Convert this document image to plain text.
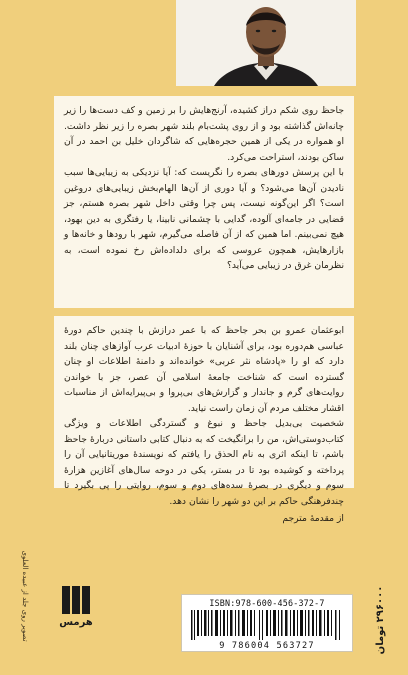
جاحظ روی شکم دراز کشیده، آرنج‌هایش را بر زمین و کف دست‌ها را زیر چانه‌اش گذاشته بود و از روی پشت‌بام بلند شهر بصره را زیر نظر داشت. او همواره در یکی از همین حجره‌هایی که شاگردان خلیل بن احمد در آن ساکن بودند، استراحت می‌کرد.

با این پرسش دورهای بصره را نگریست که: آیا نزدیکی به زیبایی‌ها سبب نادیدن آن‌ها می‌شود؟ و آیا دوری از آن‌ها الهام‌بخش زیبایی‌های دروغین است؟ اگر این‌گونه نیست، پس چرا وقتی داخل شهر بصره هستم، جز قضایی در جامه‌ای آلوده، گدایی با چشمانی نابینا، یا رفتگری به دین بهود، هیچ نمی‌بینم. اما همین که از آن فاصله می‌گیرم، شهر با رودها و خانه‌ها و بازارهایش، همچون عروسی که برای دلداده‌اش رخ نموده است، به نظرمان غرق در زیبایی می‌آید؟

ابوعثمان عمرو بن بحر جاحظ که با عمر درازش با چندین حاکم دورهٔ عباسی هم‌دوره بود، برای آشنایان با حوزهٔ ادبیات عرب آوازهای چنان بلند دارد که او را «پادشاه نثر عربی» خوانده‌اند و دامنهٔ اطلاعات او چنان گسترده است که شناخت جامعهٔ اسلامی آن عصر، جز با خواندن روایت‌های گرم و جاندار و گزارش‌های بی‌پروا و بی‌پیرایه‌اش از مناسبات اقشار مختلف مردم آن زمان راست نیاید.

شخصیت بی‌بدیل جاحظ و نبوغ و گستردگی اطلاعات و ویژگی کتاب‌دوستی‌اش، من را برانگیخت که به دنبال کتابی داستانی دربارهٔ جاحظ باشم، تا اینکه اثری به نام الحذق را یافتم که نویسندهٔ موریتانیایی آن را پرداخته و کوشیده بود تا در بستر، یکی در دوحه سال‌های آغازین هزارهٔ سوم و دیگری در بصرهٔ سده‌های دوم و سوم، روایتی را پی بگیرد تا چندفرهنگی حاکم بر این دو شهر را نشان دهد.

از مقدمهٔ مترجم

تصویر روی جلد از عبیده العلوی	هرمس
ISBN:978-600-456-372-7
9 786004 563727	۲۹۶۰۰۰ تومان
